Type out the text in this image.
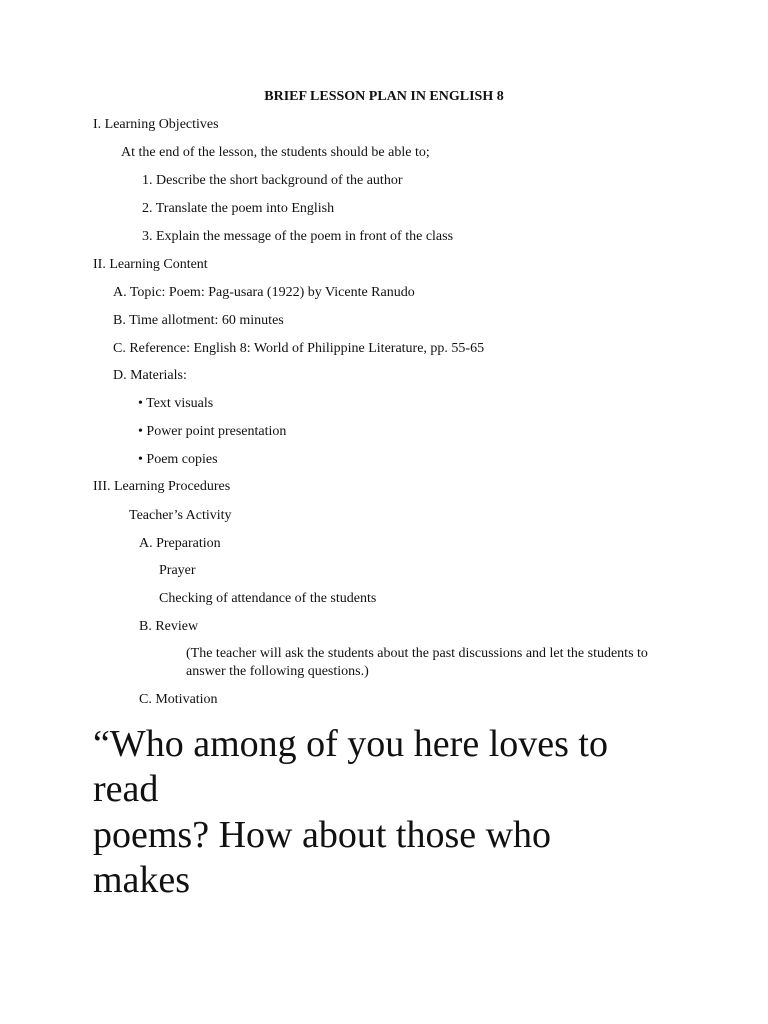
BRIEF LESSON PLAN IN ENGLISH 8
I. Learning Objectives
At the end of the lesson, the students should be able to;
1. Describe the short background of the author
2. Translate the poem into English
3. Explain the message of the poem in front of the class
II. Learning Content
A. Topic: Poem: Pag-usara (1922) by Vicente Ranudo
B. Time allotment: 60 minutes
C. Reference: English 8: World of Philippine Literature, pp. 55-65
D. Materials:
• Text visuals
• Power point presentation
• Poem copies
III. Learning Procedures
Teacher’s Activity
A. Preparation
Prayer
Checking of attendance of the students
B. Review
(The teacher will ask the students about the past discussions and let the students to answer the following questions.)
C. Motivation
“Who among of you here loves to
read
poems? How about those who
makes
